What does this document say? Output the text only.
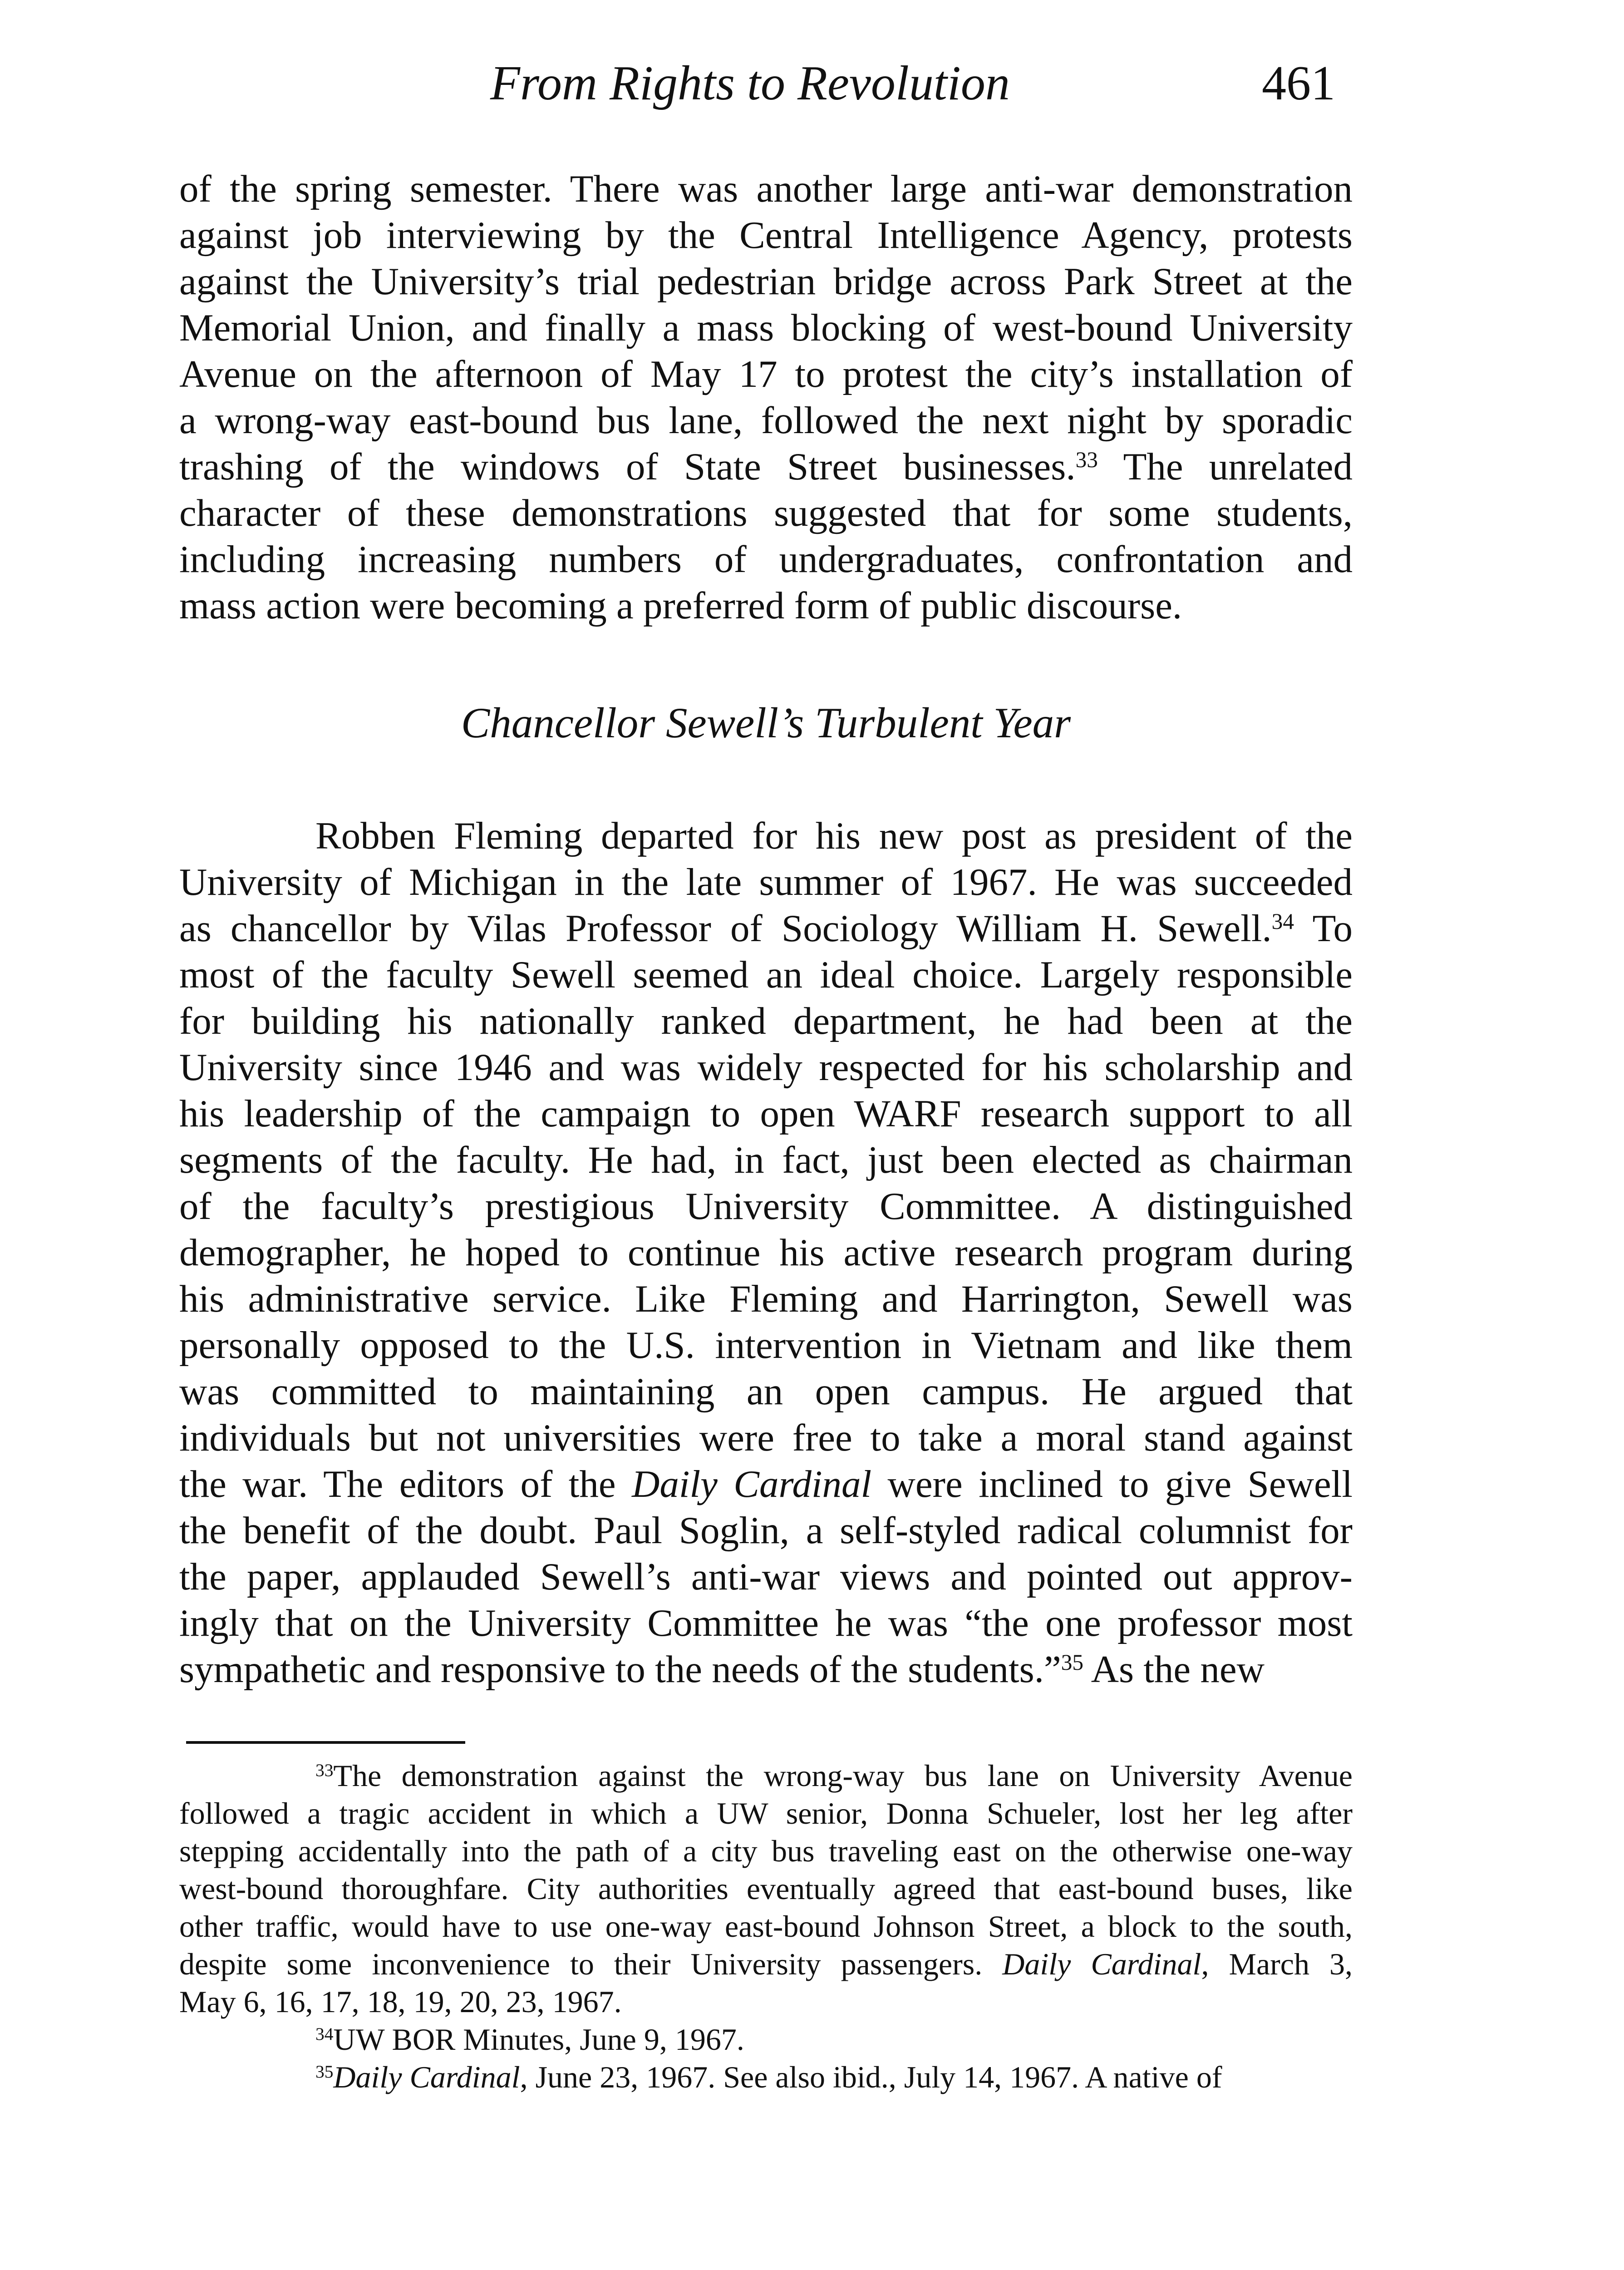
From Rights to Revolution	461
of the spring semester. There was another large anti-war demonstration
against job interviewing by the Central Intelligence Agency, protests
against the University’s trial pedestrian bridge across Park Street at the
Memorial Union, and finally a mass blocking of west-bound University
Avenue on the afternoon of May 17 to protest the city’s installation of
a wrong-way east-bound bus lane, followed the next night by sporadic
trashing of the windows of State Street businesses.$^{33}$ The unrelated
character of these demonstrations suggested that for some students,
including increasing numbers of undergraduates, confrontation and
mass action were becoming a preferred form of public discourse.
Chancellor Sewell’s Turbulent Year
Robben Fleming departed for his new post as president of the
University of Michigan in the late summer of 1967. He was succeeded
as chancellor by Vilas Professor of Sociology William H. Sewell.$^{34}$ To
most of the faculty Sewell seemed an ideal choice. Largely responsible
for building his nationally ranked department, he had been at the
University since 1946 and was widely respected for his scholarship and
his leadership of the campaign to open WARF research support to all
segments of the faculty. He had, in fact, just been elected as chairman
of the faculty’s prestigious University Committee. A distinguished
demographer, he hoped to continue his active research program during
his administrative service. Like Fleming and Harrington, Sewell was
personally opposed to the U.S. intervention in Vietnam and like them
was committed to maintaining an open campus. He argued that
individuals but not universities were free to take a moral stand against
the war. The editors of the Daily Cardinal were inclined to give Sewell
the benefit of the doubt. Paul Soglin, a self-styled radical columnist for
the paper, applauded Sewell’s anti-war views and pointed out approv-
ingly that on the University Committee he was “the one professor most
sympathetic and responsive to the needs of the students.”$^{35}$ As the new
$^{33}$The demonstration against the wrong-way bus lane on University Avenue
followed a tragic accident in which a UW senior, Donna Schueler, lost her leg after
stepping accidentally into the path of a city bus traveling east on the otherwise one-way
west-bound thoroughfare. City authorities eventually agreed that east-bound buses, like
other traffic, would have to use one-way east-bound Johnson Street, a block to the south,
despite some inconvenience to their University passengers. Daily Cardinal, March 3,
May 6, 16, 17, 18, 19, 20, 23, 1967.
$^{34}$UW BOR Minutes, June 9, 1967.
$^{35}$Daily Cardinal, June 23, 1967. See also ibid., July 14, 1967. A native of
